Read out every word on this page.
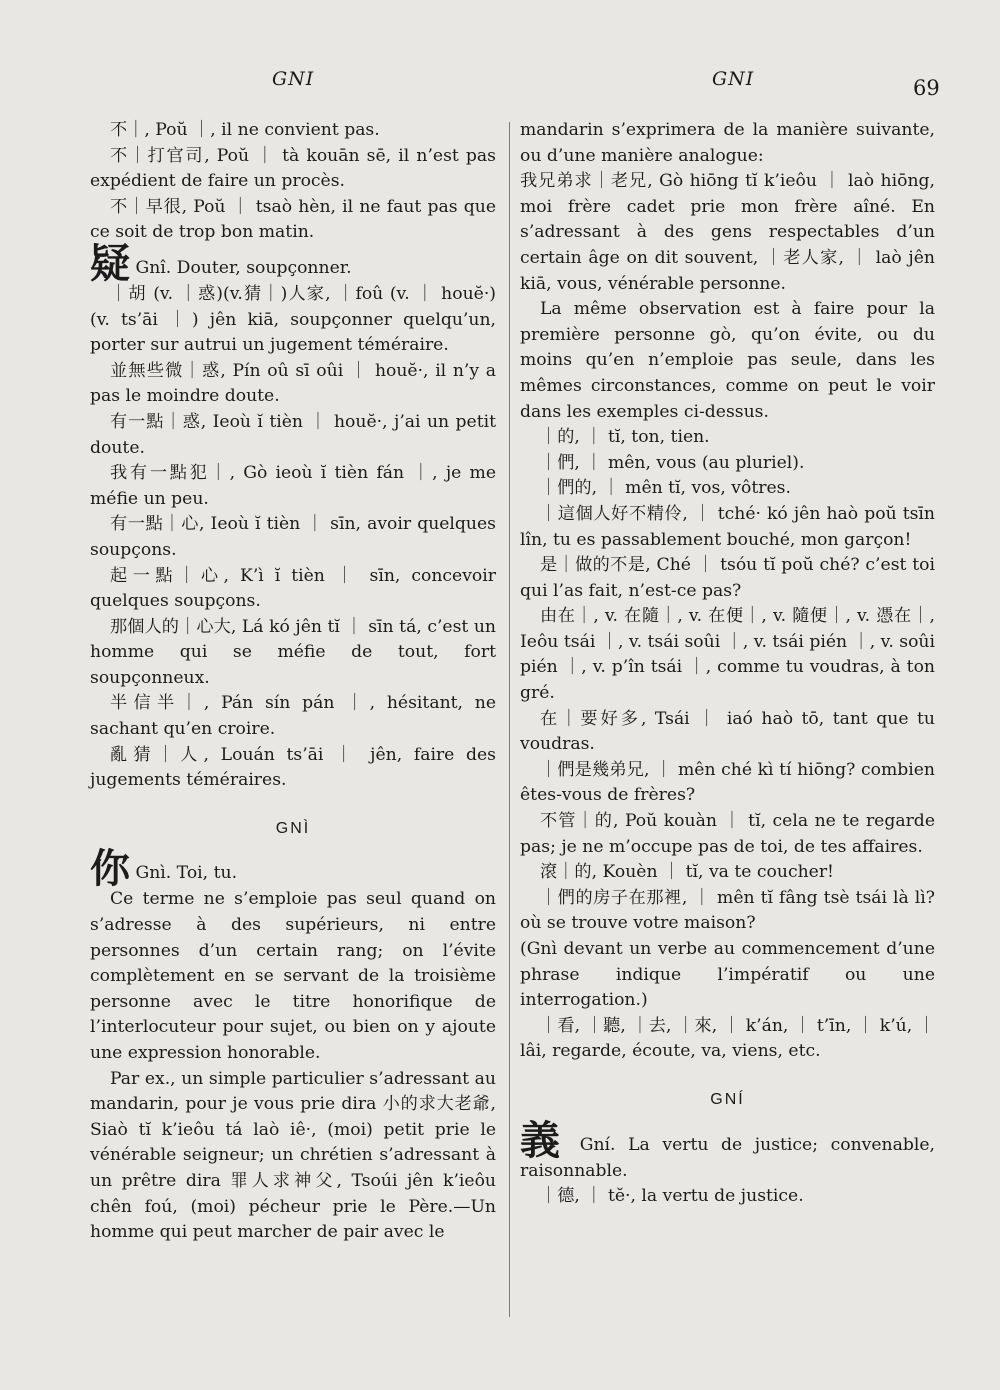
GNI	GNI	69

不｜, Poŭ ｜, il ne convient pas.

不｜打官司, Poŭ ｜ tà kouān sē, il n’est pas expédient de faire un procès.

不｜早很, Poŭ ｜ tsaò hèn, il ne faut pas que ce soit de trop bon matin.

疑 Gnî. Douter, soupçonner.

｜胡 (v. ｜惑)(v.猜｜)人家, ｜foû (v. ｜ houĕ·) (v. ts’āi ｜) jên kiā, soupçonner quelqu’un, porter sur autrui un jugement téméraire.

並無些微｜惑, Pín oû sī oûi ｜ houĕ·, il n’y a pas le moindre doute.

有一點｜惑, Ieoù ĭ tièn ｜ houĕ·, j’ai un petit doute.

我有一點犯｜, Gò ieoù ĭ tièn fán ｜, je me méfie un peu.

有一點｜心, Ieoù ĭ tièn ｜ sīn, avoir quelques soupçons.

起一點｜心, K’ì ĭ tièn ｜ sīn, concevoir quelques soupçons.

那個人的｜心大, Lá kó jên tĭ ｜ sīn tá, c’est un homme qui se méfie de tout, fort soupçonneux.

半信半｜, Pán sín pán ｜, hésitant, ne sachant qu’en croire.

亂猜｜人, Louán ts’āi ｜ jên, faire des jugements téméraires.

GNÌ

你 Gnì. Toi, tu.

Ce terme ne s’emploie pas seul quand on s’adresse à des supérieurs, ni entre personnes d’un certain rang; on l’évite complètement en se servant de la troisième personne avec le titre honorifique de l’interlocuteur pour sujet, ou bien on y ajoute une expression honorable.

Par ex., un simple particulier s’adressant au mandarin, pour je vous prie dira 小的求大老爺, Siaò tĭ k’ieôu tá laò iê·, (moi) petit prie le vénérable seigneur; un chrétien s’adressant à un prêtre dira 罪人求神父, Tsoúi jên k’ieôu chên foú, (moi) pécheur prie le Père.—Un homme qui peut marcher de pair avec le

mandarin s’exprimera de la manière suivante, ou d’une manière analogue:

我兄弟求｜老兄, Gò hiōng tĭ k’ieôu ｜ laò hiōng, moi frère cadet prie mon frère aîné. En s’adressant à des gens respectables d’un certain âge on dit souvent, ｜老人家, ｜ laò jên kiā, vous, vénérable personne.

La même observation est à faire pour la première personne gò, qu’on évite, ou du moins qu’en n’emploie pas seule, dans les mêmes circonstances, comme on peut le voir dans les exemples ci-dessus.

｜的, ｜ tĭ, ton, tien.

｜們, ｜ mên, vous (au pluriel).

｜們的, ｜ mên tĭ, vos, vôtres.

｜這個人好不精伶, ｜ tché· kó jên haò poŭ tsīn lîn, tu es passablement bouché, mon garçon!

是｜做的不是, Ché ｜ tsóu tĭ poŭ ché? c’est toi qui l’as fait, n’est-ce pas?

由在｜, v. 在隨｜, v. 在便｜, v. 隨便｜, v. 憑在｜, Ieôu tsái ｜, v. tsái soûi ｜, v. tsái pién ｜, v. soûi pién ｜, v. p’în tsái ｜, comme tu voudras, à ton gré.

在｜要好多, Tsái ｜ iaó haò tō, tant que tu voudras.

｜們是幾弟兄, ｜ mên ché kì tí hiōng? combien êtes-vous de frères?

不管｜的, Poŭ kouàn ｜ tĭ, cela ne te regarde pas; je ne m’occupe pas de toi, de tes affaires.

滾｜的, Kouèn ｜ tĭ, va te coucher!

｜們的房子在那裡, ｜ mên tĭ fâng tsè tsái là lì? où se trouve votre maison?

(Gnì devant un verbe au commencement d’une phrase indique l’impératif ou une interrogation.)

｜看, ｜聽, ｜去, ｜來, ｜ k’án, ｜ t’īn, ｜ k’ú, ｜ lâi, regarde, écoute, va, viens, etc.

GNÍ

義 Gní. La vertu de justice; convenable, raisonnable.

｜德, ｜ tĕ·, la vertu de justice.
